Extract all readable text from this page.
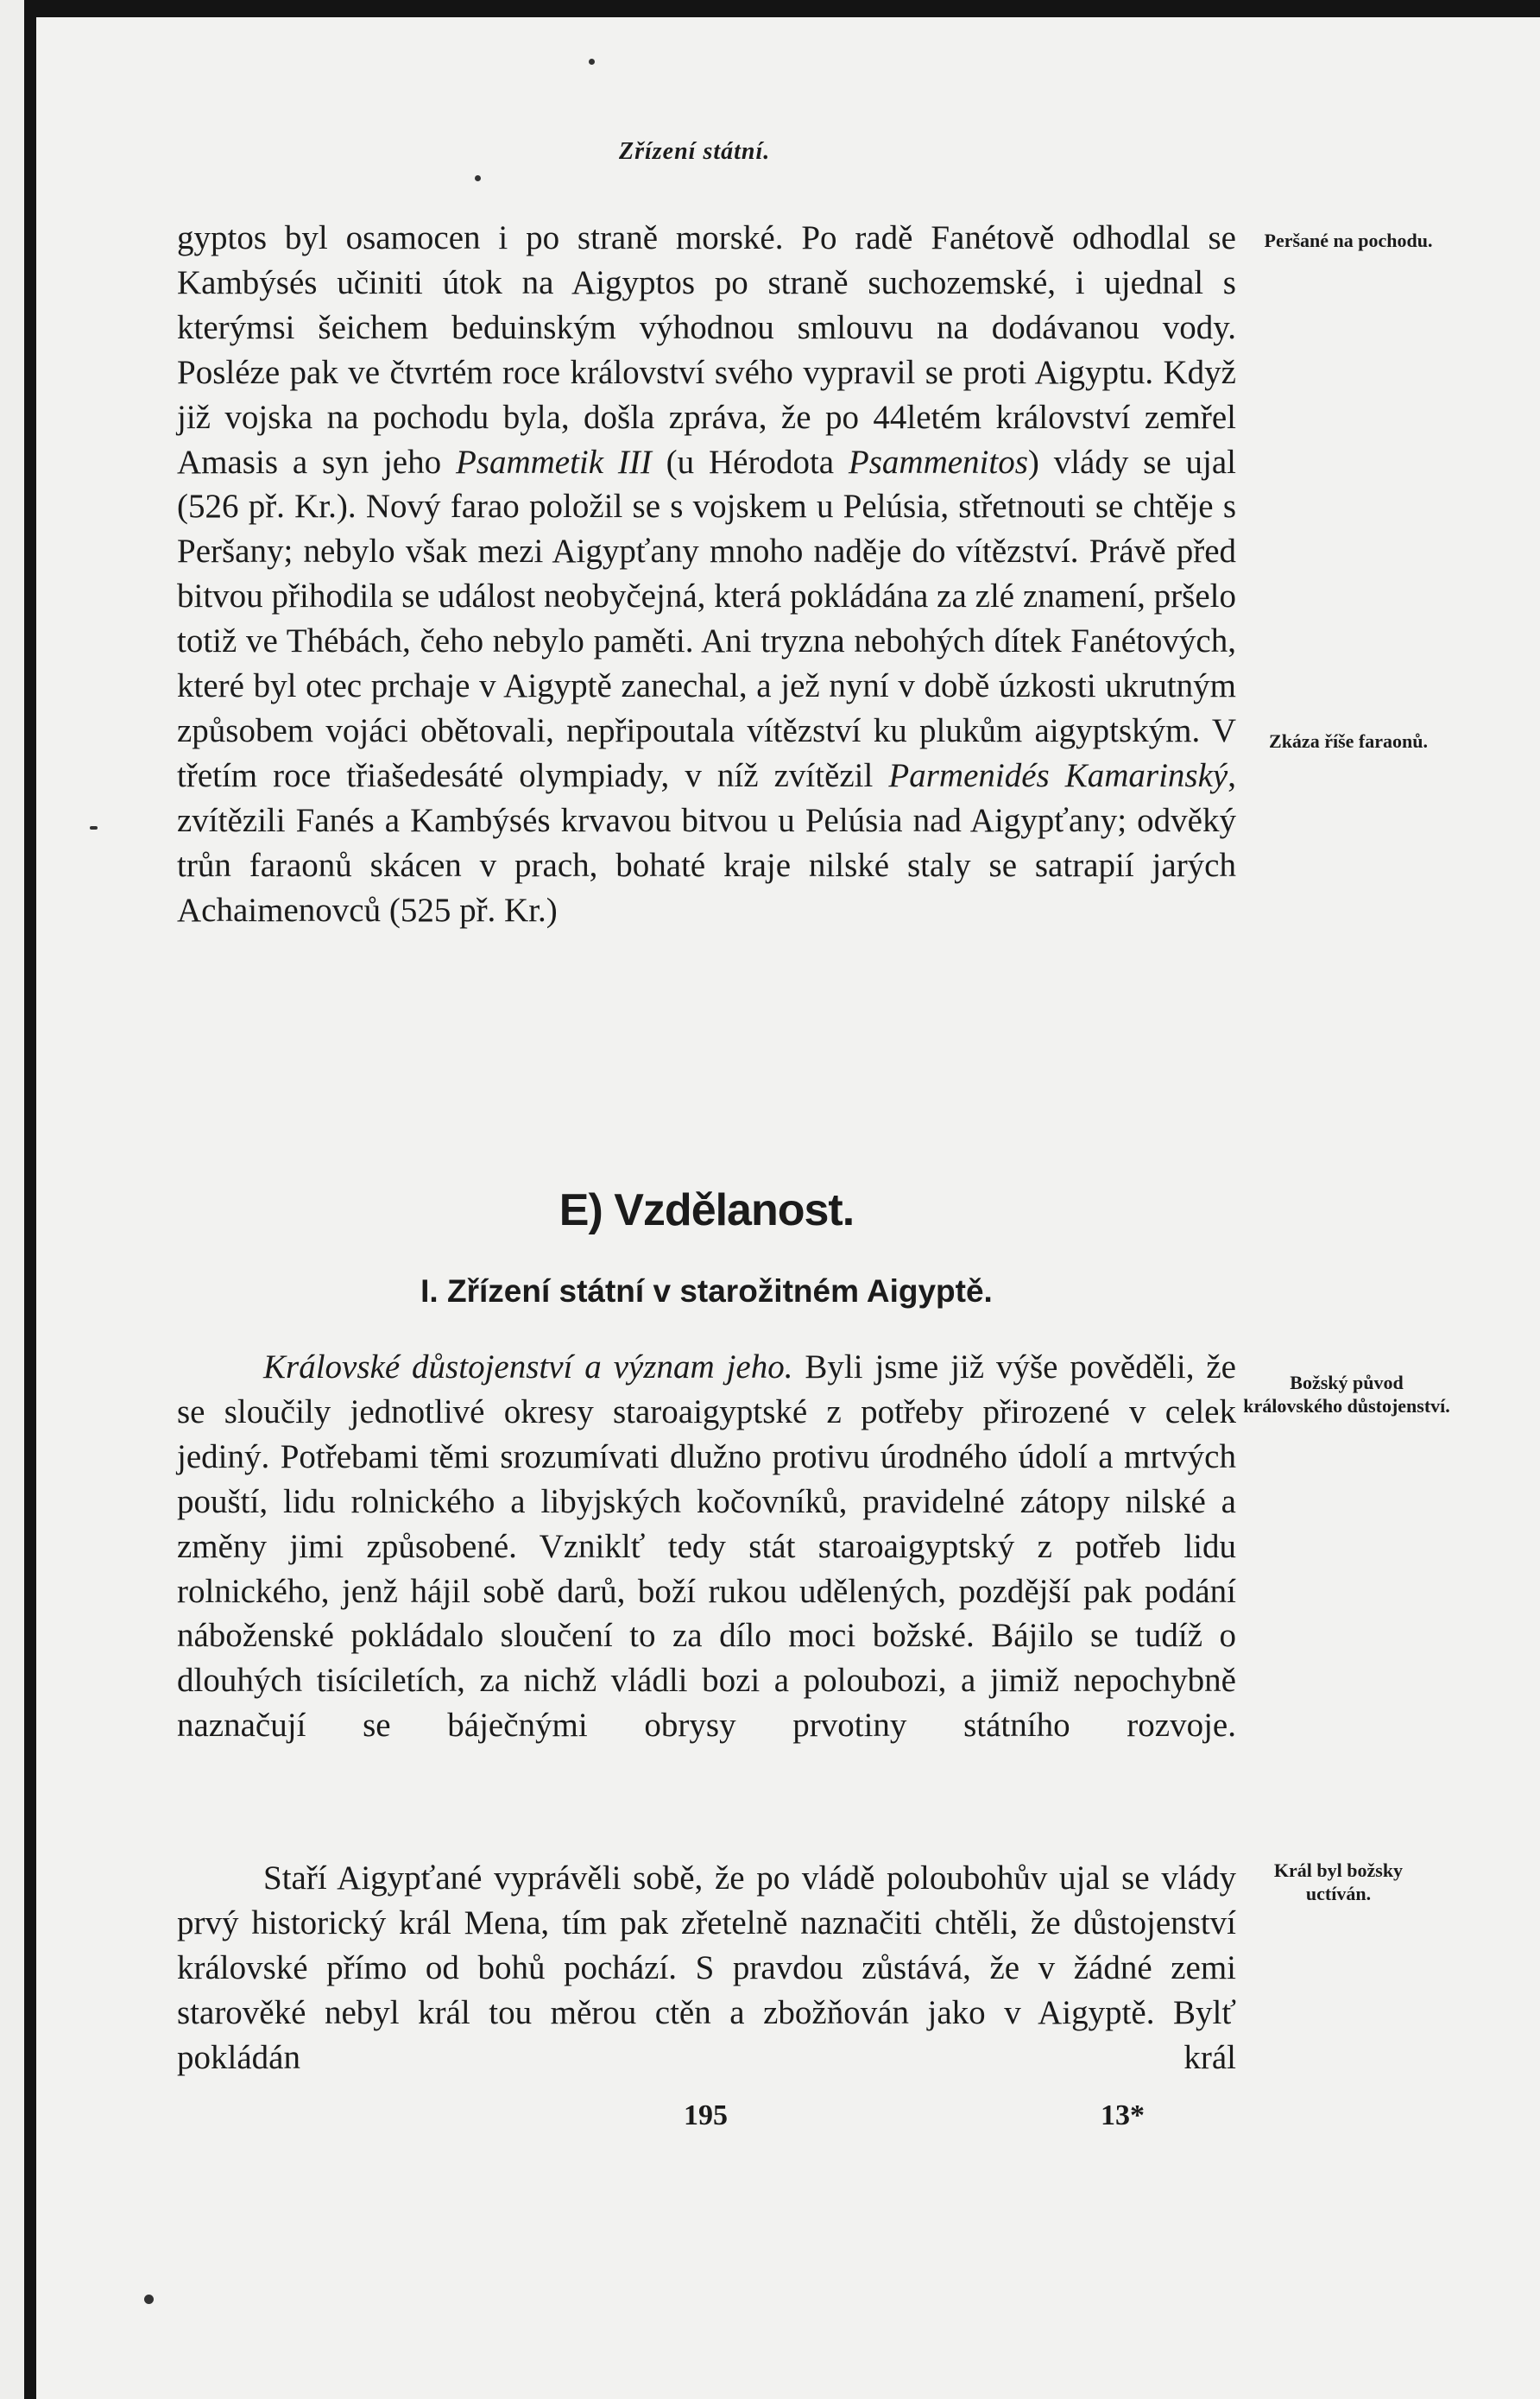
Zřízení státní.
gyptos byl osamocen i po straně morské. Po radě Fanétově odhodlal se Kambýsés učiniti útok na Aigyptos po straně suchozemské, i ujednal s kterýmsi šeichem beduinským výhodnou smlouvu na dodávanou vody. Posléze pak ve čtvrtém roce království svého vypravil se proti Aigyptu. Když již vojska na pochodu byla, došla zpráva, že po 44letém království zemřel Amasis a syn jeho Psammetik III (u Hérodota Psammenitos) vlády se ujal (526 př. Kr.). Nový farao položil se s vojskem u Pelúsia, střetnouti se chtěje s Peršany; nebylo však mezi Aigypťany mnoho naděje do vítězství. Právě před bitvou přihodila se událost neobyčejná, která pokládána za zlé znamení, pršelo totiž ve Thébách, čeho nebylo paměti. Ani tryzna nebohých dítek Fanétových, které byl otec prchaje v Aigyptě zanechal, a jež nyní v době úzkosti ukrutným způsobem vojáci obětovali, nepřipoutala vítězství ku plukům aigyptským. V třetím roce třiašedesáté olympiady, v níž zvítězil Parmenidés Kamarinský, zvítězili Fanés a Kambýsés krvavou bitvou u Pelúsia nad Aigypťany; odvěký trůn faraonů skácen v prach, bohaté kraje nilské staly se satrapií jarých Achaimenovců (525 př. Kr.)
Peršané na pochodu.
Zkáza říše faraonů.
E) Vzdělanost.
I. Zřízení státní v starožitném Aigyptě.
Královské důstojenství a význam jeho. Byli jsme již výše pověděli, že se sloučily jednotlivé okresy staroaigyptské z potřeby přirozené v celek jediný. Potřebami těmi srozumívati dlužno protivu úrodného údolí a mrtvých pouští, lidu rolnického a libyjských kočovníků, pravidelné zátopy nilské a změny jimi způsobené. Vzniklť tedy stát staroaigyptský z potřeb lidu rolnického, jenž hájil sobě darů, boží rukou udělených, pozdější pak podání náboženské pokládalo sloučení to za dílo moci božské. Bájilo se tudíž o dlouhých tisíciletích, za nichž vládli bozi a poloubozi, a jimiž nepochybně naznačují se báječnými obrysy prvotiny státního rozvoje.
Božský původ královského důstojenství.
Staří Aigypťané vyprávěli sobě, že po vládě poloubohův ujal se vlády prvý historický král Mena, tím pak zřetelně naznačiti chtěli, že důstojenství královské přímo od bohů pochází. S pravdou zůstává, že v žádné zemi starověké nebyl král tou měrou ctěn a zbožňován jako v Aigyptě. Bylť pokládán král
Král byl božsky uctíván.
195	13*
